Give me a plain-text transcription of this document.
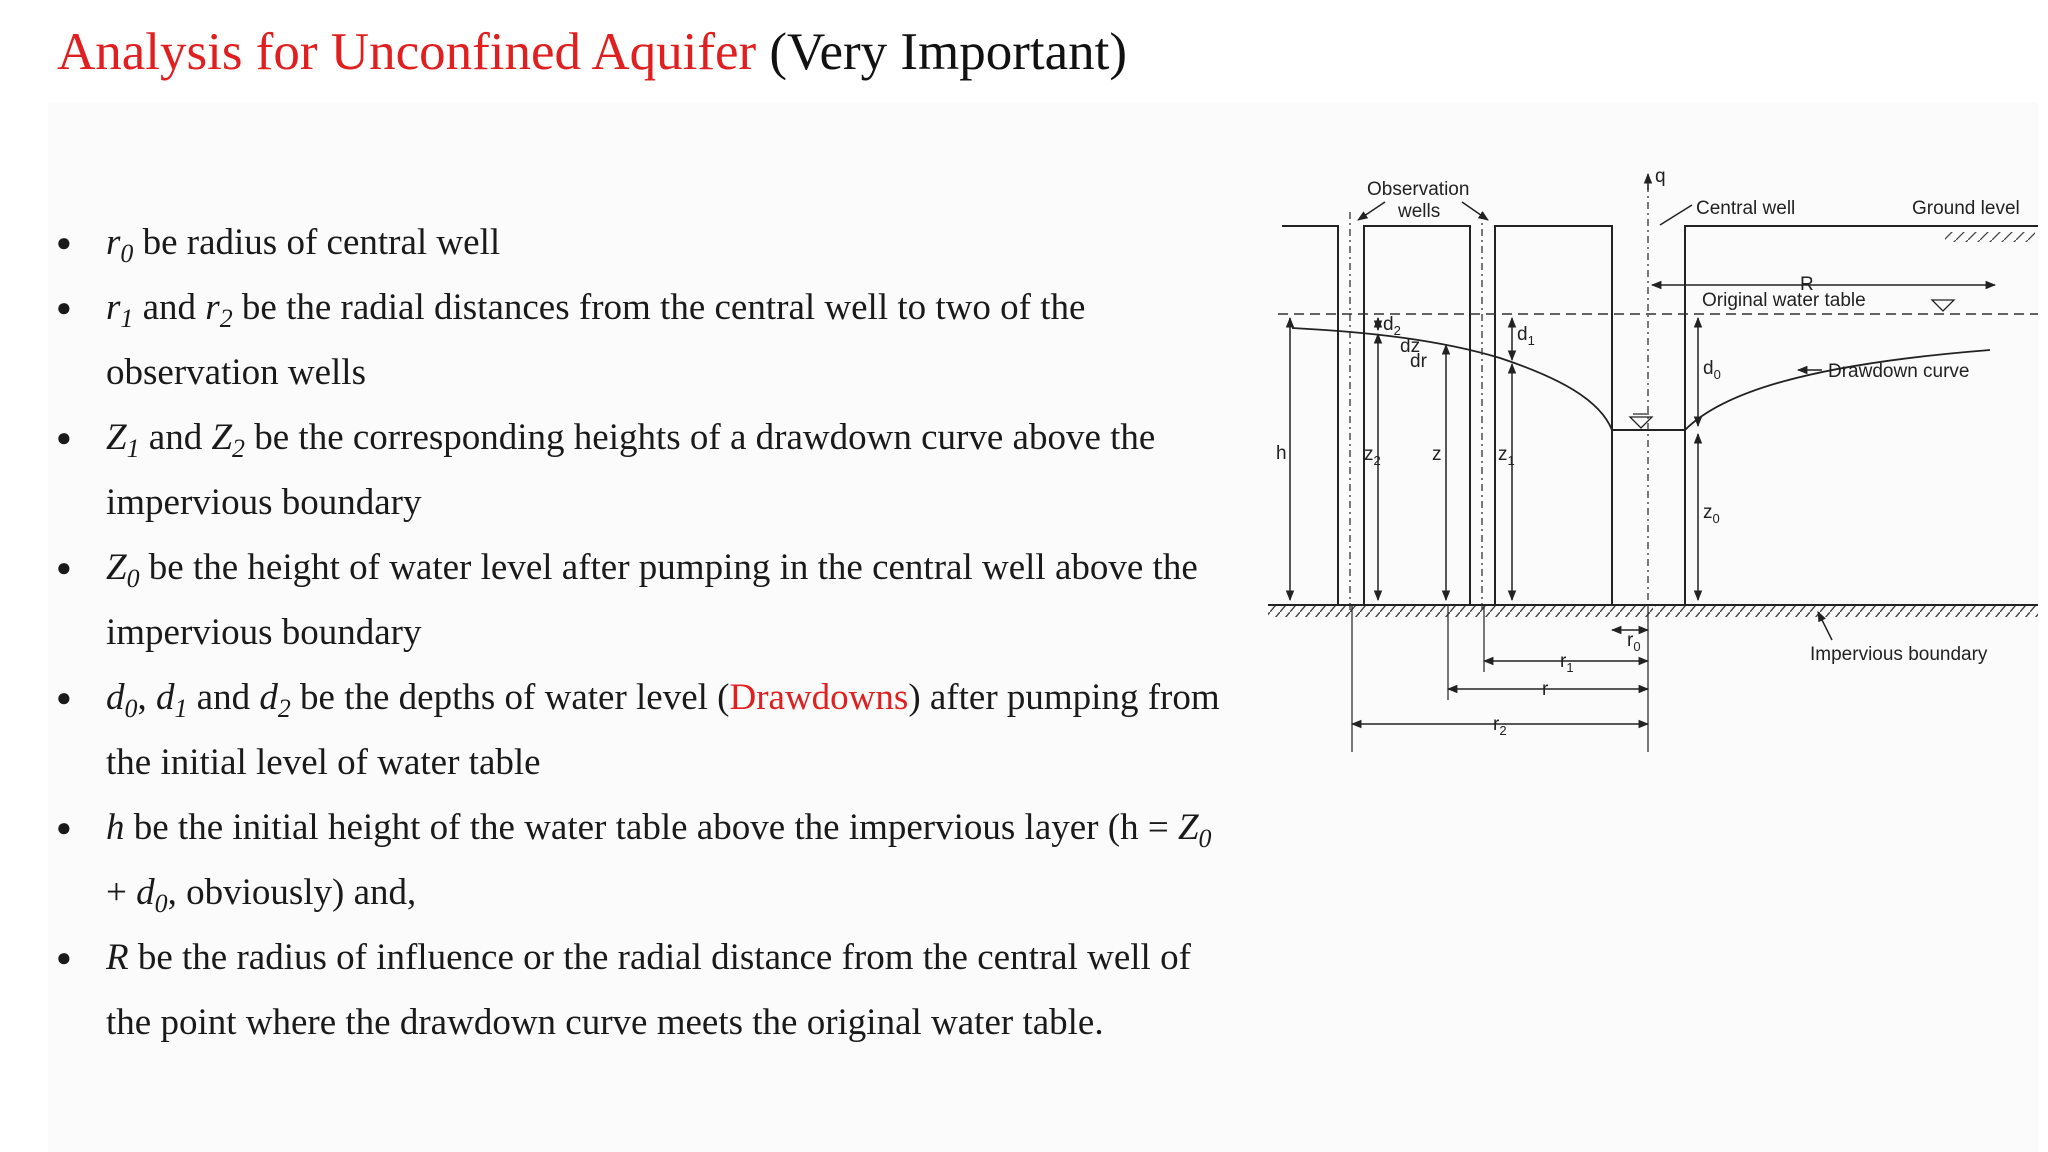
Analysis for Unconfined Aquifer (Very Important)
● $r_0$ be radius of central well
● $r_1$ and $r_2$ be the radial distances from the central well to two of the observation wells
● $Z_1$ and $Z_2$ be the corresponding heights of a drawdown curve above the impervious boundary
● $Z_0$ be the height of water level after pumping in the central well above the impervious boundary
● $d_0$, $d_1$ and $d_2$ be the depths of water level (Drawdowns) after pumping from the initial level of water table
● h be the initial height of the water table above the impervious layer ($h = Z_0 + d_0$, obviously) and,
● R be the radius of influence or the radial distance from the central well of the point where the drawdown curve meets the original water table.
Observation
wells
q
Central well	Ground level
R
Original water table
Drawdown curve
Impervious boundary
h
dz
dr
z
$d_2$	$d_1$
$d_0$
$z_0$
$z_2$	$z_1$
$r_0$
$r_1$
r
$r_2$
